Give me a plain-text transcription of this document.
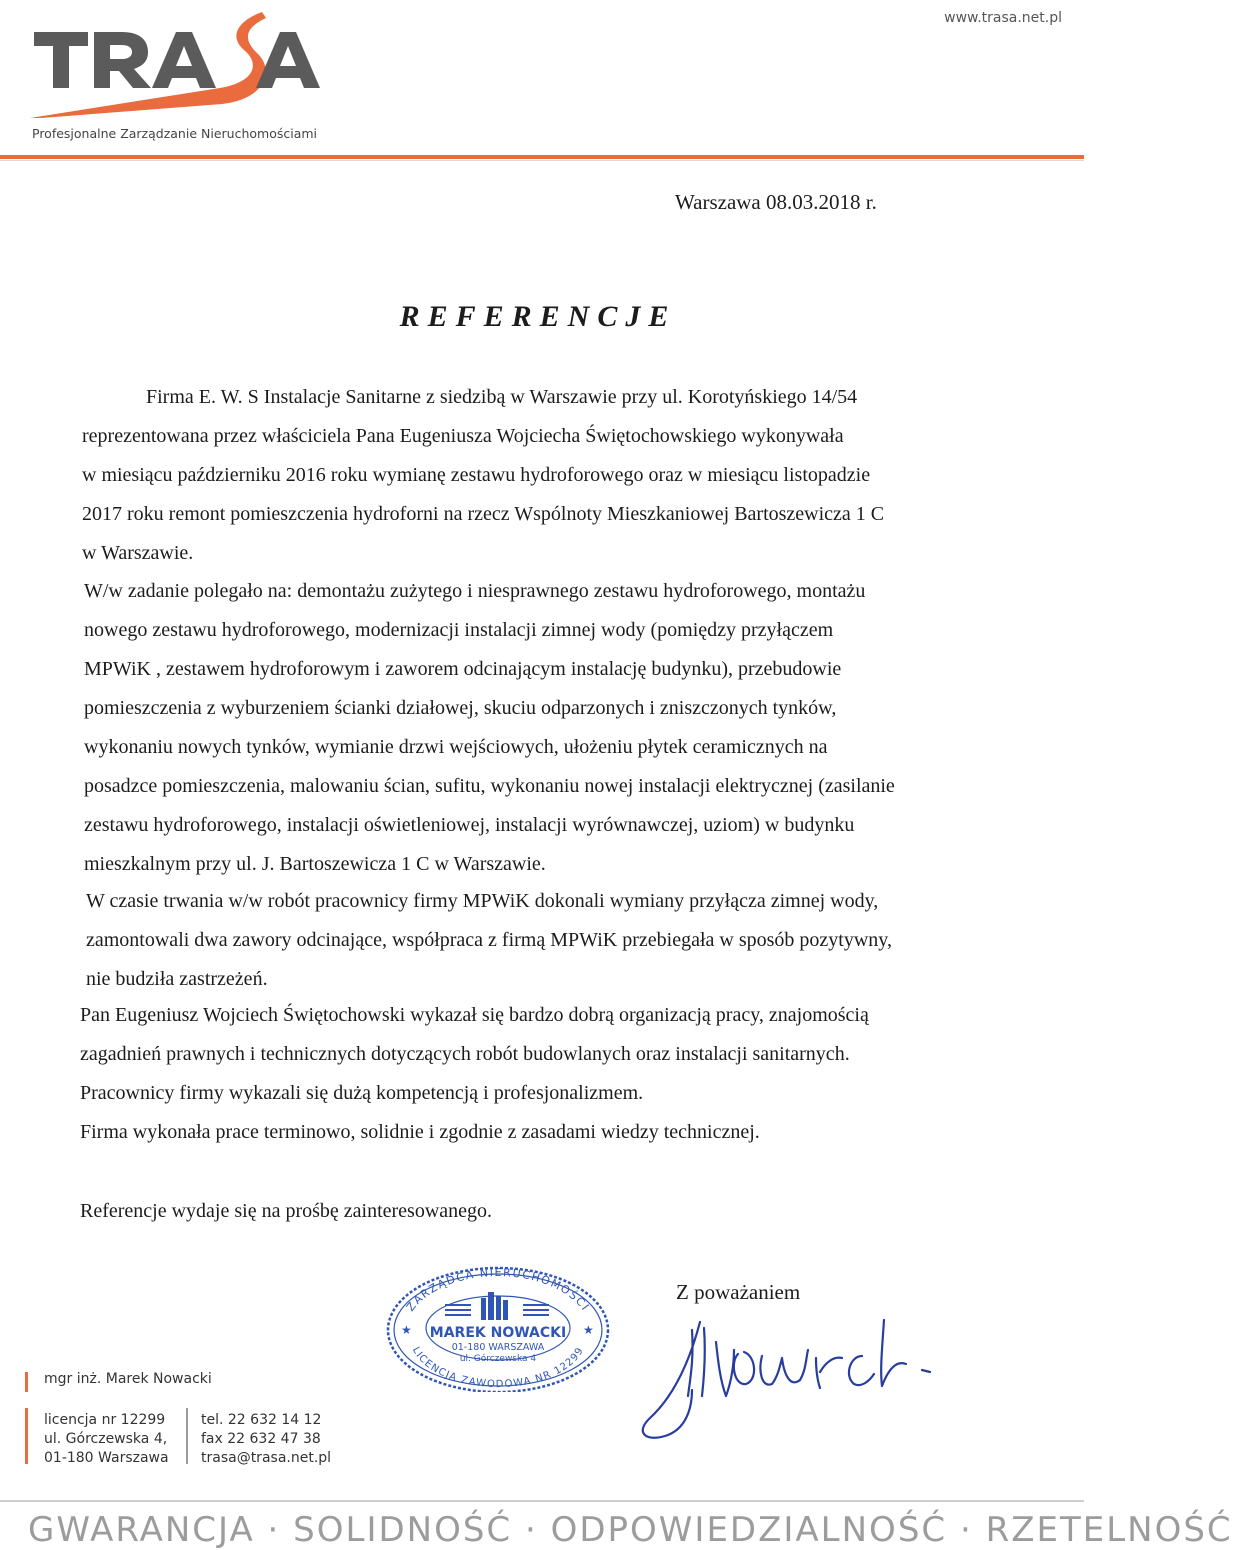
Profesjonalne Zarządzanie Nieruchomościami
www.trasa.net.pl
Warszawa 08.03.2018 r.
REFERENCJE
Firma E. W. S Instalacje Sanitarne z siedzibą w Warszawie przy ul. Korotyńskiego 14/54
reprezentowana przez właściciela Pana Eugeniusza Wojciecha Świętochowskiego wykonywała
w miesiącu październiku 2016 roku wymianę zestawu hydroforowego oraz w miesiącu listopadzie
2017 roku remont pomieszczenia hydroforni na rzecz Wspólnoty Mieszkaniowej Bartoszewicza 1 C
w Warszawie.
W/w zadanie polegało na: demontażu zużytego i niesprawnego zestawu hydroforowego, montażu
nowego zestawu hydroforowego, modernizacji instalacji zimnej wody (pomiędzy przyłączem
MPWiK , zestawem hydroforowym i zaworem odcinającym instalację budynku), przebudowie
pomieszczenia z wyburzeniem ścianki działowej, skuciu odparzonych i zniszczonych tynków,
wykonaniu nowych tynków, wymianie drzwi wejściowych, ułożeniu płytek ceramicznych na
posadzce pomieszczenia, malowaniu ścian, sufitu, wykonaniu nowej instalacji elektrycznej (zasilanie
zestawu hydroforowego, instalacji oświetleniowej, instalacji wyrównawczej, uziom) w budynku
mieszkalnym przy ul. J. Bartoszewicza 1 C w Warszawie.
W czasie trwania w/w robót pracownicy firmy MPWiK dokonali wymiany przyłącza zimnej wody,
zamontowali dwa zawory odcinające, współpraca z firmą MPWiK przebiegała w sposób pozytywny,
nie budziła zastrzeżeń.
Pan Eugeniusz Wojciech Świętochowski wykazał się bardzo dobrą organizacją pracy, znajomością
zagadnień prawnych i technicznych dotyczących robót budowlanych oraz instalacji sanitarnych.
Pracownicy firmy wykazali się dużą kompetencją i profesjonalizmem.
Firma wykonała prace terminowo, solidnie i zgodnie z zasadami wiedzy technicznej.
Referencje wydaje się na prośbę zainteresowanego.
Z poważaniem
ZARZĄDCA NIERUCHOMOŚCI
LICENCJA ZAWODOWA NR 12299
★	★
MAREK NOWACKI
01-180 WARSZAWA
ul. Górczewska 4
mgr inż. Marek Nowacki
licencja nr 12299
ul. Górczewska 4,
01-180 Warszawa
tel. 22 632 14 12
fax 22 632 47 38
trasa@trasa.net.pl
GWARANCJA · SOLIDNOŚĆ · ODPOWIEDZIALNOŚĆ · RZETELNOŚĆ
